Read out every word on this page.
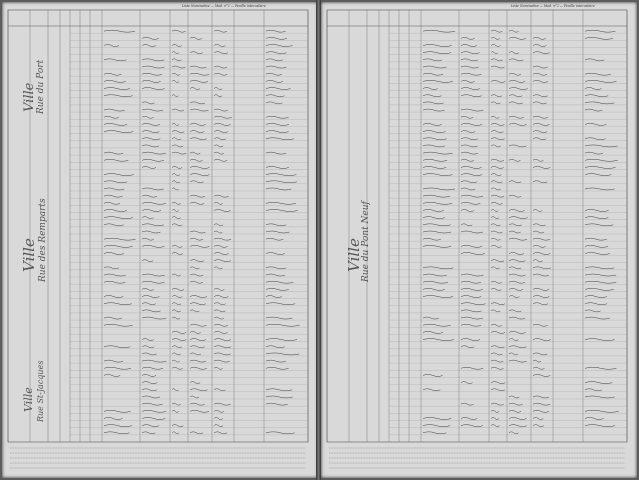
Liste Nominative — Mod. n°2 — Feuille intercalaire
Ville Rue du Port
Ville Rue des Remparts
Ville Rue St-Jacques
Liste Nominative — Mod. n°2 — Feuille intercalaire
Ville
Rue du Pont Neuf
